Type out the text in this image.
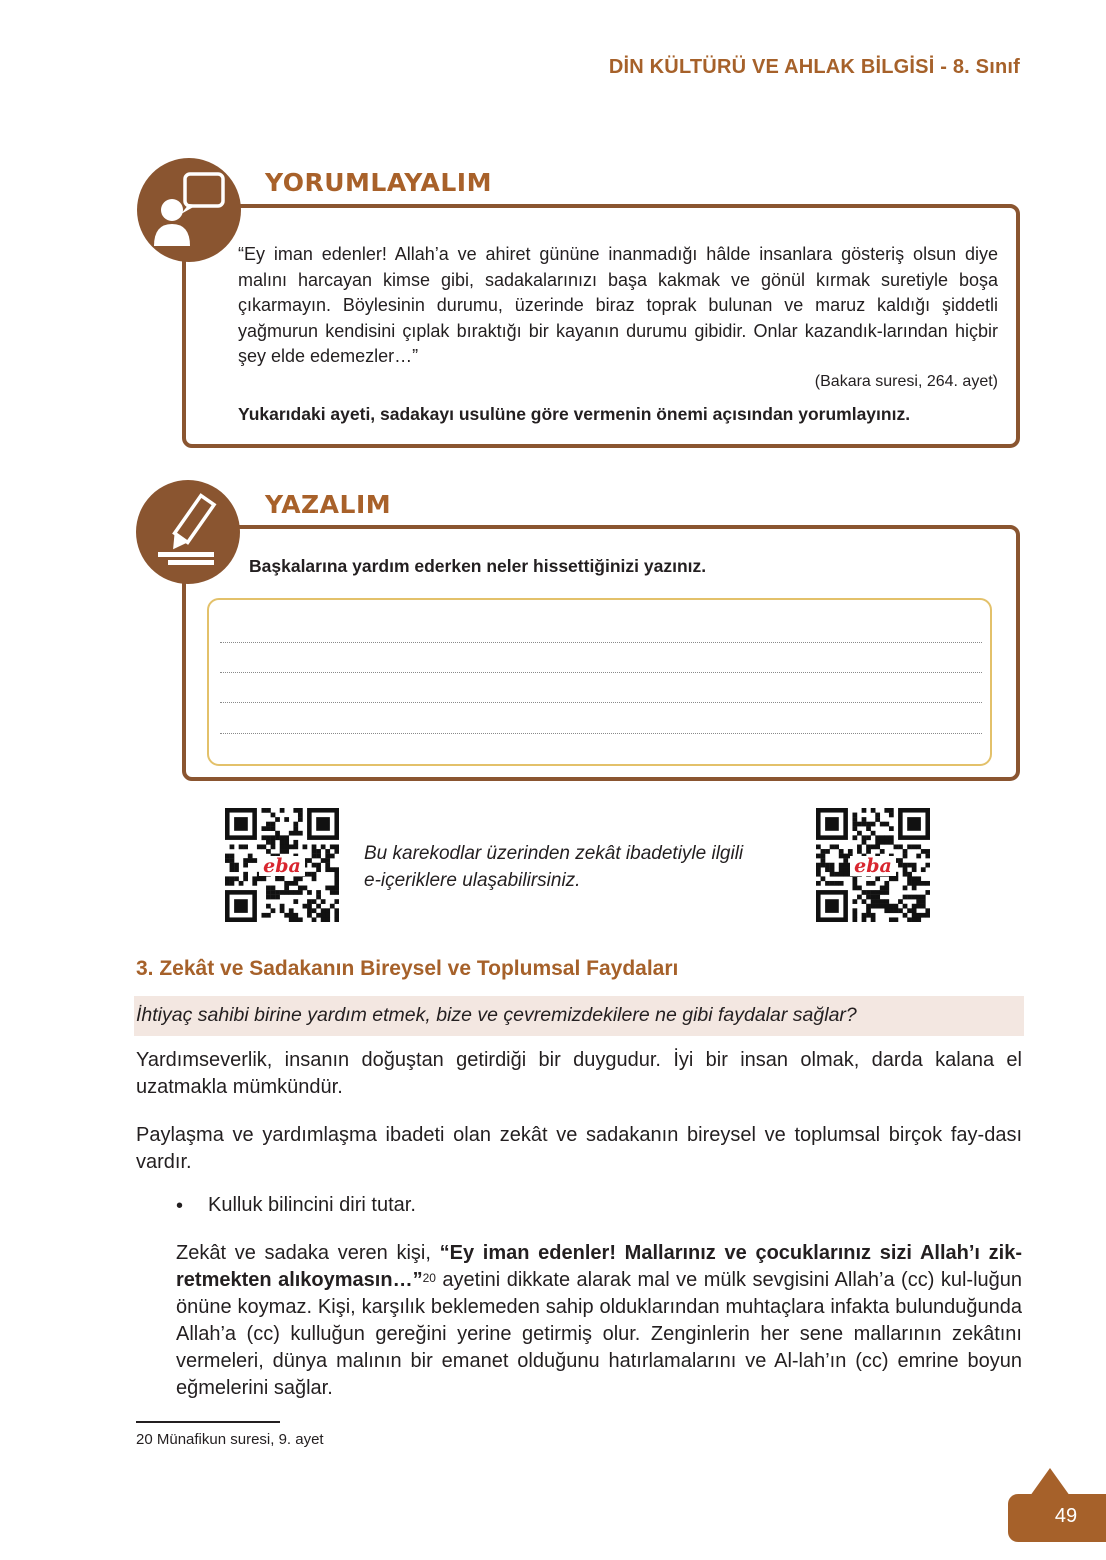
DİN KÜLTÜRÜ VE AHLAK BİLGİSİ - 8. Sınıf
YORUMLAYALIM
“Ey iman edenler! Allah’a ve ahiret gününe inanmadığı hâlde insanlara gösteriş olsun diye malını harcayan kimse gibi, sadakalarınızı başa kakmak ve gönül kırmak suretiyle boşa çıkarmayın. Böylesinin durumu, üzerinde biraz toprak bulunan ve maruz kaldığı şiddetli yağmurun kendisini çıplak bıraktığı bir kayanın durumu gibidir. Onlar kazandık-larından hiçbir şey elde edemezler…”
(Bakara suresi, 264. ayet)
Yukarıdaki ayeti, sadakayı usulüne göre vermenin önemi açısından yorumlayınız.
YAZALIM
Başkalarına yardım ederken neler hissettiğinizi yazınız.
eba
Bu karekodlar üzerinden zekât ibadetiyle ilgili
e-içeriklere ulaşabilirsiniz.
eba
3. Zekât ve Sadakanın Bireysel ve Toplumsal Faydaları
İhtiyaç sahibi birine yardım etmek, bize ve çevremizdekilere ne gibi faydalar sağlar?
Yardımseverlik, insanın doğuştan getirdiği bir duygudur. İyi bir insan olmak, darda kalana el uzatmakla mümkündür.
Paylaşma ve yardımlaşma ibadeti olan zekât ve sadakanın bireysel ve toplumsal birçok fay-dası vardır.
• Kulluk bilincini diri tutar.
Zekât ve sadaka veren kişi, “Ey iman edenler! Mallarınız ve çocuklarınız sizi Allah’ı zik-retmekten alıkoymasın…”$^{20}$ ayetini dikkate alarak mal ve mülk sevgisini Allah’a (cc) kul-luğun önüne koymaz. Kişi, karşılık beklemeden sahip olduklarından muhtaçlara infakta bulunduğunda Allah’a (cc) kulluğun gereğini yerine getirmiş olur. Zenginlerin her sene mallarının zekâtını vermeleri, dünya malının bir emanet olduğunu hatırlamalarını ve Al-lah’ın (cc) emrine boyun eğmelerini sağlar.
20 Münafikun suresi, 9. ayet
49
